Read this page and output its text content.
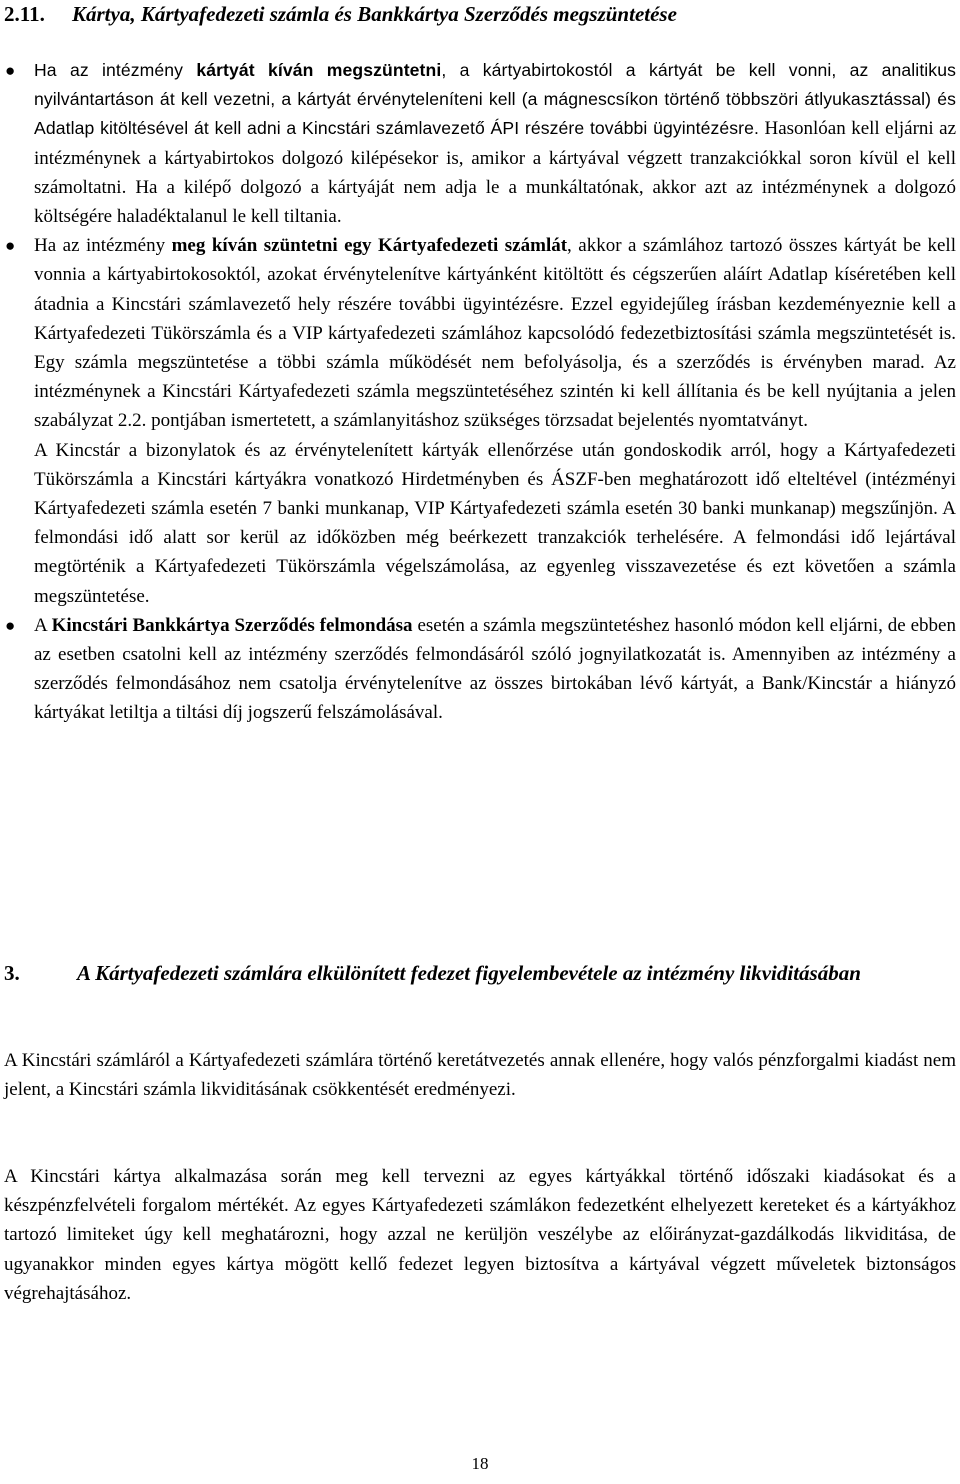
2.11. Kártya, Kártyafedezeti számla és Bankkártya Szerződés megszüntetése
●	Ha az intézmény kártyát kíván megszüntetni, a kártyabirtokostól a kártyát be kell vonni, az analitikus nyilvántartáson át kell vezetni, a kártyát érvényteleníteni kell (a mágnescsíkon történő többszöri átlyukasztással) és Adatlap kitöltésével át kell adni a Kincstári számlavezető ÁPI részére további ügyintézésre. Hasonlóan kell eljárni az intézménynek a kártyabirtokos dolgozó kilépésekor is, amikor a kártyával végzett tranzakciókkal soron kívül el kell számoltatni. Ha a kilépő dolgozó a kártyáját nem adja le a munkáltatónak, akkor azt az intézménynek a dolgozó költségére haladéktalanul le kell tiltania.

● Ha az intézmény meg kíván szüntetni egy Kártyafedezeti számlát, akkor a számlához tartozó összes kártyát be kell vonnia a kártyabirtokosoktól, azokat érvénytelenítve kártyánként kitöltött és cégszerűen aláírt Adatlap kíséretében kell átadnia a Kincstári számlavezető hely részére további ügyintézésre. Ezzel egyidejűleg írásban kezdeményeznie kell a Kártyafedezeti Tükörszámla és a VIP kártyafedezeti számlához kapcsolódó fedezetbiztosítási számla megszüntetését is. Egy számla megszüntetése a többi számla működését nem befolyásolja, és a szerződés is érvényben marad. Az intézménynek a Kincstári Kártyafedezeti számla megszüntetéséhez szintén ki kell állítania és be kell nyújtania a jelen szabályzat 2.2. pontjában ismertetett, a számlanyitáshoz szükséges törzsadat bejelentés nyomtatványt.

A Kincstár a bizonylatok és az érvénytelenített kártyák ellenőrzése után gondoskodik arról, hogy a Kártyafedezeti Tükörszámla a Kincstári kártyákra vonatkozó Hirdetményben és ÁSZF-ben meghatározott idő elteltével (intézményi Kártyafedezeti számla esetén 7 banki munkanap, VIP Kártyafedezeti számla esetén 30 banki munkanap) megszűnjön. A felmondási idő alatt sor kerül az időközben még beérkezett tranzakciók terhelésére. A felmondási idő lejártával megtörténik a Kártyafedezeti Tükörszámla végelszámolása, az egyenleg visszavezetése és ezt követően a számla megszüntetése.

● A Kincstári Bankkártya Szerződés felmondása esetén a számla megszüntetéshez hasonló módon kell eljárni, de ebben az esetben csatolni kell az intézmény szerződés felmondásáról szóló jognyilatkozatát is. Amennyiben az intézmény a szerződés felmondásához nem csatolja érvénytelenítve az összes birtokában lévő kártyát, a Bank/Kincstár a hiányzó kártyákat letiltja a tiltási díj jogszerű felszámolásával.

3.	A Kártyafedezeti számlára elkülönített fedezet figyelembevétele az intézmény likviditásában

A Kincstári számláról a Kártyafedezeti számlára történő keretátvezetés annak ellenére, hogy valós pénzforgalmi kiadást nem jelent, a Kincstári számla likviditásának csökkentését eredményezi.

A Kincstári kártya alkalmazása során meg kell tervezni az egyes kártyákkal történő időszaki kiadásokat és a készpénzfelvételi forgalom mértékét. Az egyes Kártyafedezeti számlákon fedezetként elhelyezett kereteket és a kártyákhoz tartozó limiteket úgy kell meghatározni, hogy azzal ne kerüljön veszélybe az előirányzat-gazdálkodás likviditása, de ugyanakkor minden egyes kártya mögött kellő fedezet legyen biztosítva a kártyával végzett műveletek biztonságos végrehajtásához.

18
